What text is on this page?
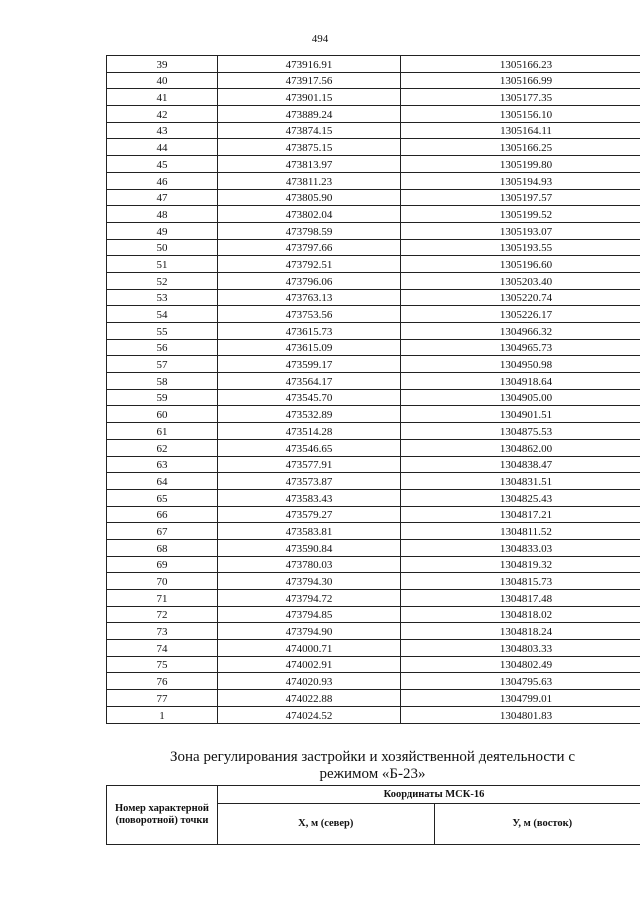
494
39	473916.91	1305166.23
40	473917.56	1305166.99
41	473901.15	1305177.35
42	473889.24	1305156.10
43	473874.15	1305164.11
44	473875.15	1305166.25
45	473813.97	1305199.80
46	473811.23	1305194.93
47	473805.90	1305197.57
48	473802.04	1305199.52
49	473798.59	1305193.07
50	473797.66	1305193.55
51	473792.51	1305196.60
52	473796.06	1305203.40
53	473763.13	1305220.74
54	473753.56	1305226.17
55	473615.73	1304966.32
56	473615.09	1304965.73
57	473599.17	1304950.98
58	473564.17	1304918.64
59	473545.70	1304905.00
60	473532.89	1304901.51
61	473514.28	1304875.53
62	473546.65	1304862.00
63	473577.91	1304838.47
64	473573.87	1304831.51
65	473583.43	1304825.43
66	473579.27	1304817.21
67	473583.81	1304811.52
68	473590.84	1304833.03
69	473780.03	1304819.32
70	473794.30	1304815.73
71	473794.72	1304817.48
72	473794.85	1304818.02
73	473794.90	1304818.24
74	474000.71	1304803.33
75	474002.91	1304802.49
76	474020.93	1304795.63
77	474022.88	1304799.01
1	474024.52	1304801.83
Зона регулирования застройки и хозяйственной деятельности с режимом «Б-23»
Номер характерной (поворотной) точки	Координаты МСК-16	
	X, м (север)	У, м (восток)
